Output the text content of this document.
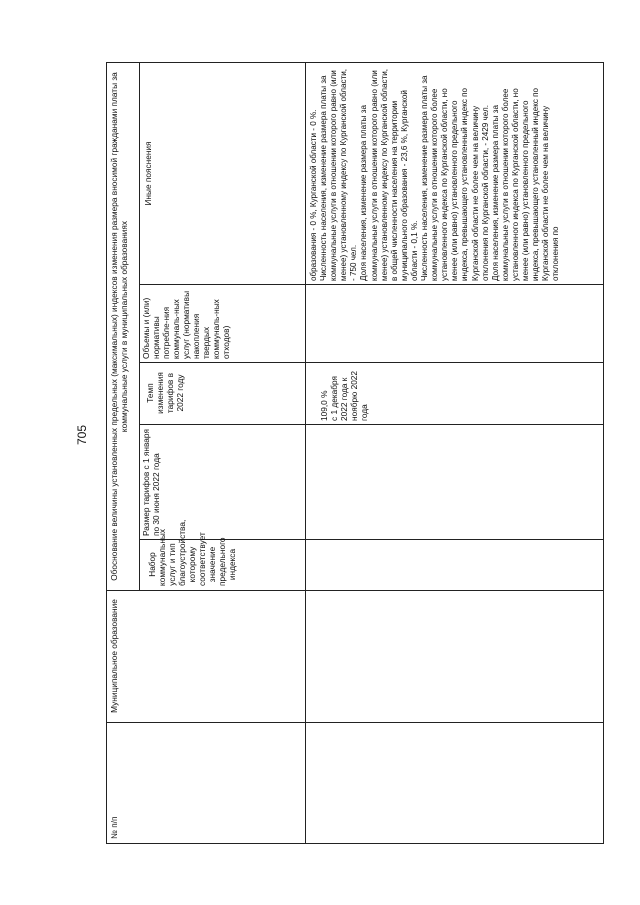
705
№ п/п
Муниципальное образование
Обоснование величины установленных предельных (максимальных) индексов изменения размера вносимой гражданами платы за коммунальные услуги в муниципальных образованиях
Набор коммунальных услуг и тип благоустройства, которому соответствует значение предельного индекса
Размер тарифов с 1 января по 30 июня 2022 года
Темп изменения тарифов в 2022 году
Объемы и (или) нормативы потребле-ния коммуналь-ных услуг (нормативы накопления твердых коммуналь-ных отходов)
Иные пояснения
109,0 %
с 1 декабря 2022 года к ноябрю 2022 года
образования - 0 %, Курганской области - 0 %.
Численность населения, изменение размера платы за коммунальные услуги в отношении которого равно (или менее) установленному индексу по Курганской области, - 750 чел.
Доля населения, изменение размера платы за коммунальные услуги в отношении которого равно (или менее) установленному индексу по Курганской области, в общей численности населения на территории муниципального образования - 23,6 %, Курганской области - 0,1 %.
Численность населения, изменение размера платы за коммунальные услуги в отношении которого более установленного индекса по Курганской области, но менее (или равно) установленного предельного индекса, превышающего установленный индекс по Курганской области не более чем на величину отклонения по Курганской области, - 2429 чел.
Доля населения, изменение размера платы за коммунальные услуги в отношении которого более установленного индекса по Курганской области, но менее (или равно) установленного предельного индекса, превышающего установленный индекс по Курганской области не более чем на величину отклонения по
